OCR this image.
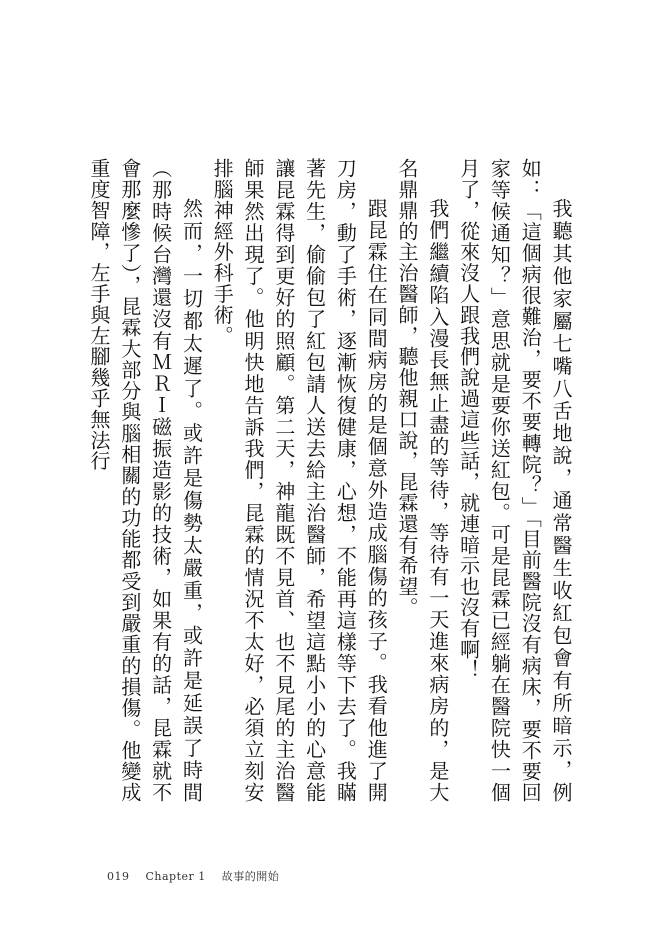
我聽其他家屬七嘴八舌地說，通常醫生收紅包會有所暗示，例如：「這個病很難治，要不要轉院？」「目前醫院沒有病床，要不要回家等候通知？」意思就是要你送紅包。可是昆霖已經躺在醫院快一個月了，從來沒人跟我們說過這些話，就連暗示也沒有啊！

我們繼續陷入漫長無止盡的等待，等待有一天進來病房的，是大名鼎鼎的主治醫師，聽他親口說，昆霖還有希望。

跟昆霖住在同間病房的是個意外造成腦傷的孩子。我看他進了開刀房，動了手術，逐漸恢復健康，心想，不能再這樣等下去了。我瞞著先生，偷偷包了紅包請人送去給主治醫師，希望這點小小的心意能讓昆霖得到更好的照顧。第二天，神龍既不見首、也不見尾的主治醫師果然出現了。他明快地告訴我們，昆霖的情況不太好，必須立刻安排腦神經外科手術。

然而，一切都太遲了。或許是傷勢太嚴重，或許是延誤了時間（那時候台灣還沒有ＭＲＩ磁振造影的技術，如果有的話，昆霖就不會那麼慘了），昆霖大部分與腦相關的功能都受到嚴重的損傷。他變成重度智障，左手與左腳幾乎無法行

019 Chapter 1 故事的開始
